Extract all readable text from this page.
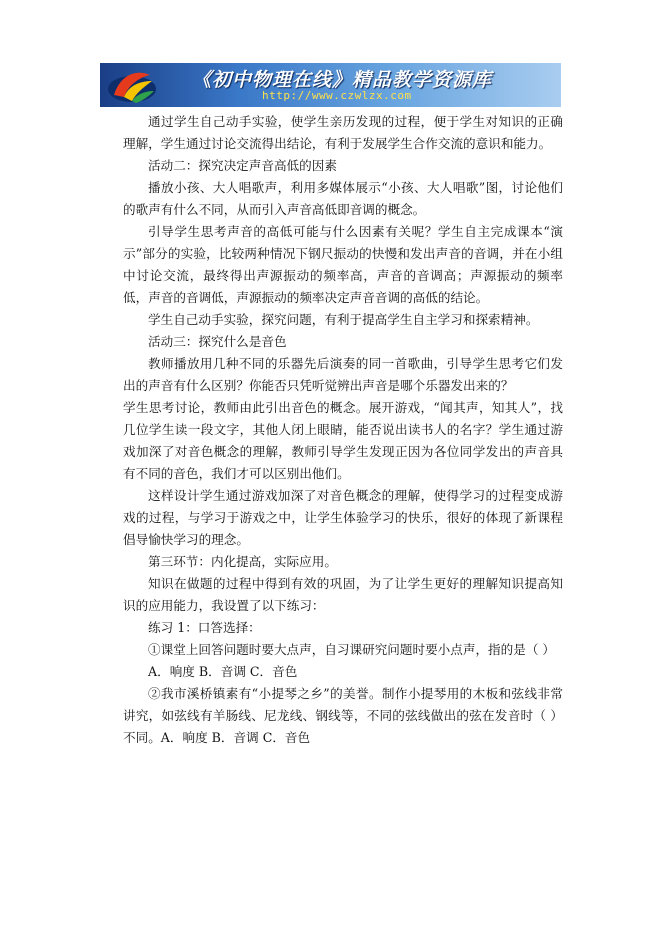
《初中物理在线》精品教学资源库
http://www.czwlzx.com

通过学生自己动手实验，使学生亲历发现的过程，便于学生对知识的正确理解，学生通过讨论交流得出结论，有利于发展学生合作交流的意识和能力。

活动二：探究决定声音高低的因素

播放小孩、大人唱歌声，利用多媒体展示“小孩、大人唱歌”图，讨论他们的歌声有什么不同，从而引入声音高低即音调的概念。

引导学生思考声音的高低可能与什么因素有关呢？学生自主完成课本“演示”部分的实验，比较两种情况下钢尺振动的快慢和发出声音的音调，并在小组中讨论交流，最终得出声源振动的频率高，声音的音调高；声源振动的频率低，声音的音调低，声源振动的频率决定声音音调的高低的结论。

学生自己动手实验，探究问题，有利于提高学生自主学习和探索精神。

活动三：探究什么是音色

教师播放用几种不同的乐器先后演奏的同一首歌曲，引导学生思考它们发出的声音有什么区别？你能否只凭听觉辨出声音是哪个乐器发出来的？

学生思考讨论，教师由此引出音色的概念。展开游戏，“闻其声，知其人”，找几位学生读一段文字，其他人闭上眼睛，能否说出读书人的名字？学生通过游戏加深了对音色概念的理解，教师引导学生发现正因为各位同学发出的声音具有不同的音色，我们才可以区别出他们。

这样设计学生通过游戏加深了对音色概念的理解，使得学习的过程变成游戏的过程，与学习于游戏之中，让学生体验学习的快乐，很好的体现了新课程倡导愉快学习的理念。

第三环节：内化提高，实际应用。

知识在做题的过程中得到有效的巩固，为了让学生更好的理解知识提高知识的应用能力，我设置了以下练习：

练习 1：口答选择：

①课堂上回答问题时要大点声，自习课研究问题时要小点声，指的是（ ）

A．响度 B．音调 C．音色

②我市溪桥镇素有“小提琴之乡”的美誉。制作小提琴用的木板和弦线非常讲究，如弦线有羊肠线、尼龙线、钢线等，不同的弦线做出的弦在发音时（ ）不同。A．响度 B．音调 C．音色
